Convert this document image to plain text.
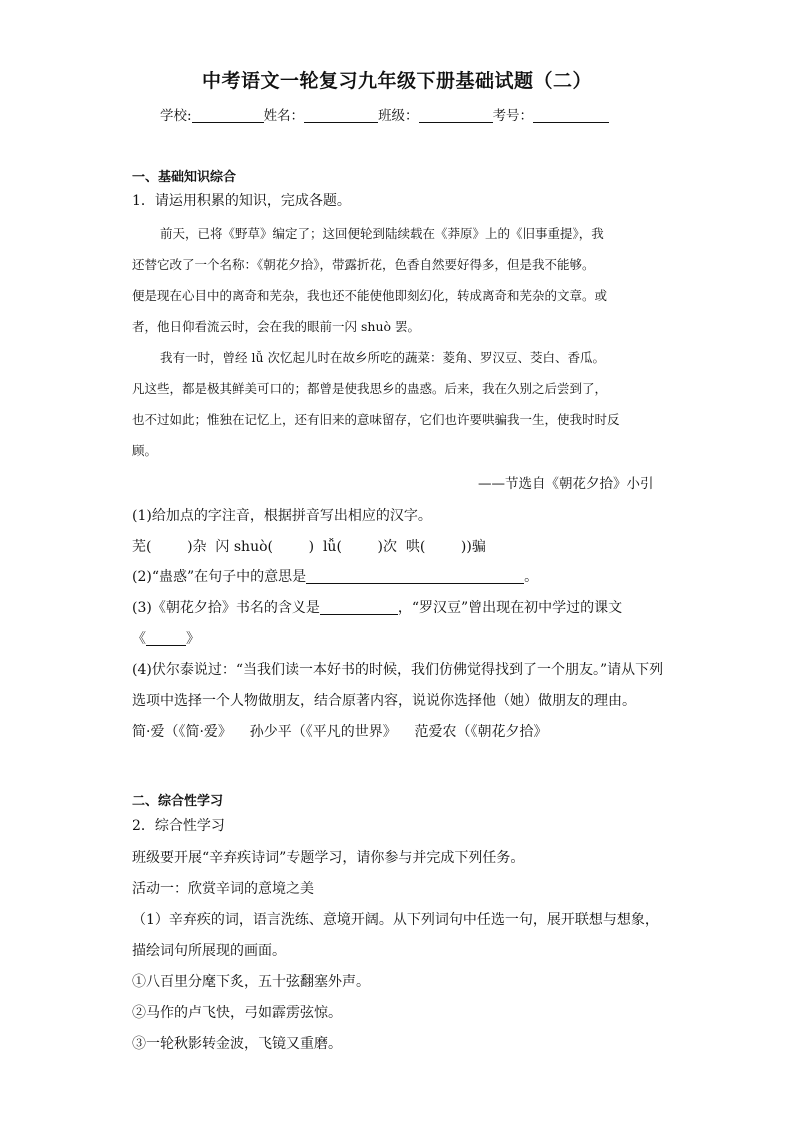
中考语文一轮复习九年级下册基础试题（二）
学校:	姓名：	班级：	考号：
一、基础知识综合
1．请运用积累的知识，完成各题。
前天，已将《野草》编定了；这回便轮到陆续载在《莽原》上的《旧事重提》，我
还替它改了一个名称：《朝花夕拾》，带露折花，色香自然要好得多，但是我不能够。
便是现在心目中的离奇和芜杂，我也还不能使他即刻幻化，转成离奇和芜杂的文章。或
者，他日仰看流云时，会在我的眼前一闪 shuò 罢。
我有一时，曾经 lǚ 次忆起儿时在故乡所吃的蔬菜：菱角、罗汉豆、茭白、香瓜。
凡这些，都是极其鲜美可口的；都曾是使我思乡的蛊惑。后来，我在久别之后尝到了，
也不过如此；惟独在记忆上，还有旧来的意味留存，它们也许要哄骗我一生，使我时时反
顾。
——节选自《朝花夕拾》小引
(1)给加点的字注音，根据拼音写出相应的汉字。
芜(        )杂  闪 shuò(        )  lǚ(        )次  哄(        ))骗
(2)“蛊惑”在句子中的意思是	。
(3)《朝花夕拾》书名的含义是	，“罗汉豆”曾出现在初中学过的课文
《	》
(4)伏尔泰说过：“当我们读一本好书的时候，我们仿佛觉得找到了一个朋友。”请从下列
选项中选择一个人物做朋友，结合原著内容，说说你选择他（她）做朋友的理由。
简·爱（《简·爱》    孙少平（《平凡的世界》    范爱农（《朝花夕拾》
二、综合性学习
2．综合性学习
班级要开展“辛弃疾诗词”专题学习，请你参与并完成下列任务。
活动一：欣赏辛词的意境之美
（1）辛弃疾的词，语言洗练、意境开阔。从下列词句中任选一句，展开联想与想象，
描绘词句所展现的画面。
①八百里分麾下炙，五十弦翻塞外声。
②马作的卢飞快，弓如霹雳弦惊。
③一轮秋影转金波，飞镜又重磨。
